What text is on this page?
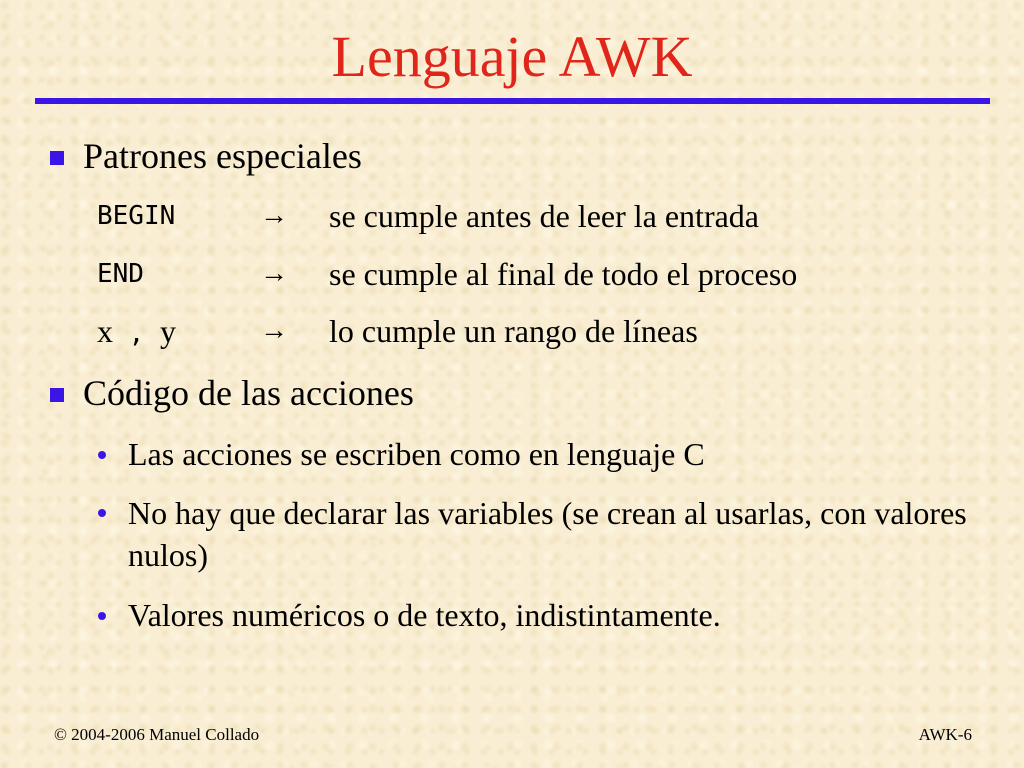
Lenguaje AWK
Patrones especiales
BEGIN	→ se cumple antes de leer la entrada
END	→ se cumple al final de todo el proceso
x , y	→ lo cumple un rango de líneas
Código de las acciones
Las acciones se escriben como en lenguaje C
No hay que declarar las variables (se crean al usarlas, con valores nulos)
Valores numéricos o de texto, indistintamente.
© 2004-2006 Manuel Collado	AWK-6
